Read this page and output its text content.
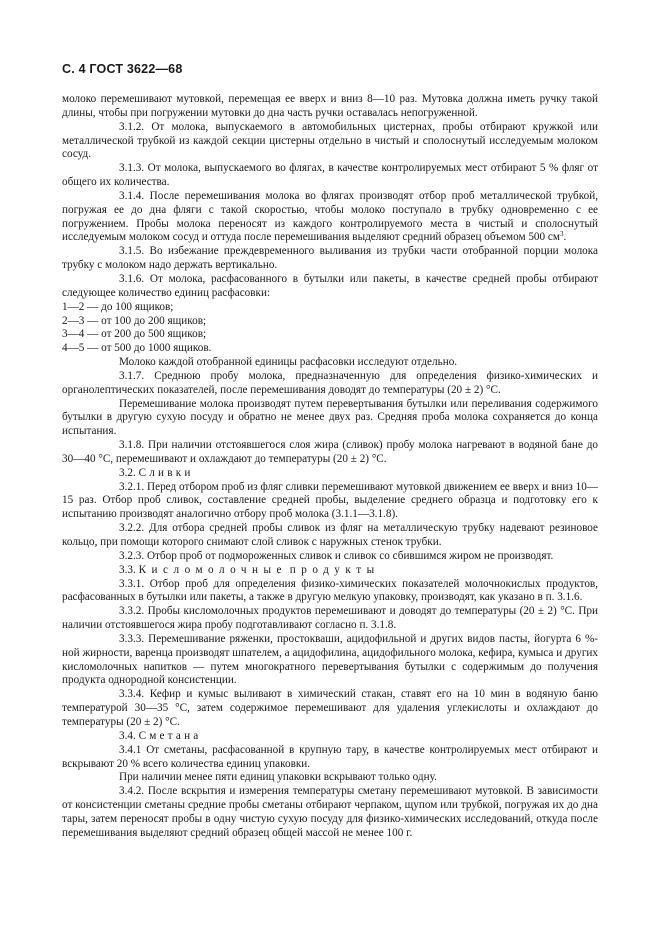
С. 4 ГОСТ 3622—68

молоко перемешивают мутовкой, перемещая ее вверх и вниз 8—10 раз. Мутовка должна иметь ручку такой длины, чтобы при погружении мутовки до дна часть ручки оставалась непогруженной.

3.1.2. От молока, выпускаемого в автомобильных цистернах, пробы отбирают кружкой или металлической трубкой из каждой секции цистерны отдельно в чистый и сполоснутый исследуемым молоком сосуд.

3.1.3. От молока, выпускаемого во флягах, в качестве контролируемых мест отбирают 5 % фляг от общего их количества.

3.1.4. После перемешивания молока во флягах производят отбор проб металлической трубкой, погружая ее до дна фляги с такой скоростью, чтобы молоко поступало в трубку одновременно с ее погружением. Пробы молока переносят из каждого контролируемого места в чистый и сполоснутый исследуемым молоком сосуд и оттуда после перемешивания выделяют средний образец объемом 500 $см^3$.

3.1.5. Во избежание преждевременного выливания из трубки части отобранной порции молока трубку с молоком надо держать вертикально.

3.1.6. От молока, расфасованного в бутылки или пакеты, в качестве средней пробы отбирают следующее количество единиц расфасовки:

1—2 — до 100 ящиков;

2—3 — от 100 до 200 ящиков;

3—4 — от 200 до 500 ящиков;

4—5 — от 500 до 1000 ящиков.

Молоко каждой отобранной единицы расфасовки исследуют отдельно.

3.1.7. Среднюю пробу молока, предназначенную для определения физико-химических и органолептических показателей, после перемешивания доводят до температуры (20 ± 2) °С.

Перемешивание молока производят путем перевертывания бутылки или переливания содержимого бутылки в другую сухую посуду и обратно не менее двух раз. Средняя проба молока сохраняется до конца испытания.

3.1.8. При наличии отстоявшегося слоя жира (сливок) пробу молока нагревают в водяной бане до 30—40 °С, перемешивают и охлаждают до температуры (20 ± 2) °С.

3.2. Сливки

3.2.1. Перед отбором проб из фляг сливки перемешивают мутовкой движением ее вверх и вниз 10—15 раз. Отбор проб сливок, составление средней пробы, выделение среднего образца и подготовку его к испытанию производят аналогично отбору проб молока (3.1.1—3.1.8).

3.2.2. Для отбора средней пробы сливок из фляг на металлическую трубку надевают резиновое кольцо, при помощи которого снимают слой сливок с наружных стенок трубки.

3.2.3. Отбор проб от подмороженных сливок и сливок со сбившимся жиром не производят.

3.3. Кисломолочные продукты

3.3.1. Отбор проб для определения физико-химических показателей молочнокислых продуктов, расфасованных в бутылки или пакеты, а также в другую мелкую упаковку, производят, как указано в п. 3.1.6.

3.3.2. Пробы кисломолочных продуктов перемешивают и доводят до температуры (20 ± 2) °С. При наличии отстоявшегося жира пробу подготавливают согласно п. 3.1.8.

3.3.3. Перемешивание ряженки, простокваши, ацидофильной и других видов пасты, йогурта 6 %-ной жирности, варенца производят шпателем, а ацидофилина, ацидофильного молока, кефира, кумыса и других кисломолочных напитков — путем многократного перевертывания бутылки с содержимым до получения продукта однородной консистенции.

3.3.4. Кефир и кумыс выливают в химический стакан, ставят его на 10 мин в водяную баню температурой 30—35 °С, затем содержимое перемешивают для удаления углекислоты и охлаждают до температуры (20 ± 2) °С.

3.4. Сметана

3.4.1 От сметаны, расфасованной в крупную тару, в качестве контролируемых мест отбирают и вскрывают 20 % всего количества единиц упаковки.

При наличии менее пяти единиц упаковки вскрывают только одну.

3.4.2. После вскрытия и измерения температуры сметану перемешивают мутовкой. В зависимости от консистенции сметаны средние пробы сметаны отбирают черпаком, щупом или трубкой, погружая их до дна тары, затем переносят пробы в одну чистую сухую посуду для физико-химических исследований, откуда после перемешивания выделяют средний образец общей массой не менее 100 г.
